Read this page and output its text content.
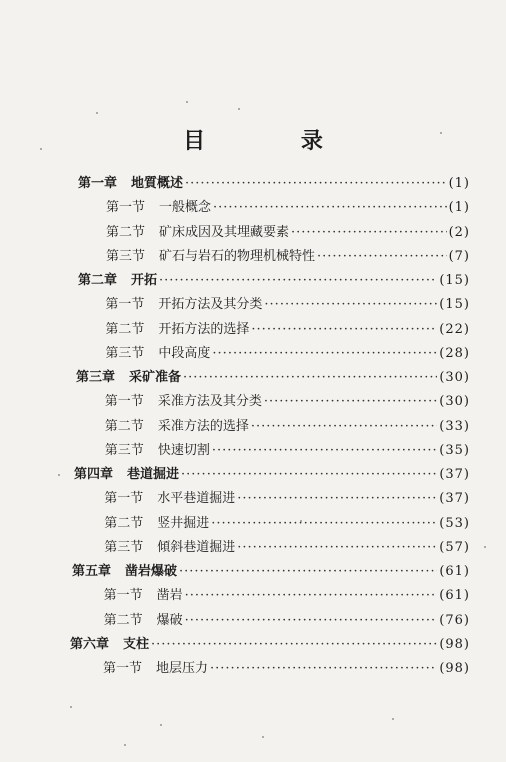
目 录
第一章 地質概述 ·····	(1)
第一节 一般概念 ·····	(1)
第二节 矿床成因及其埋藏要素 ·····	(2)
第三节 矿石与岩石的物理机械特性 ·····	(7)
第二章 开拓 ·····	(15)
第一节 开拓方法及其分类 ·····	(15)
第二节 开拓方法的选择 ·····	(22)
第三节 中段高度 ·····	(28)
第三章 采矿准备 ·····	(30)
第一节 采准方法及其分类 ·····	(30)
第二节 采准方法的选择 ·····	(33)
第三节 快速切割 ·····	(35)
第四章 巷道掘进 ·····	(37)
第一节 水平巷道掘进 ·····	(37)
第二节 竖井掘进 ·····	(53)
第三节 傾斜巷道掘进 ·····	(57)
第五章 凿岩爆破 ·····	(61)
第一节 凿岩 ·····	(61)
第二节 爆破 ·····	(76)
第六章 支柱 ·····	(98)
第一节 地层压力 ·····	(98)
